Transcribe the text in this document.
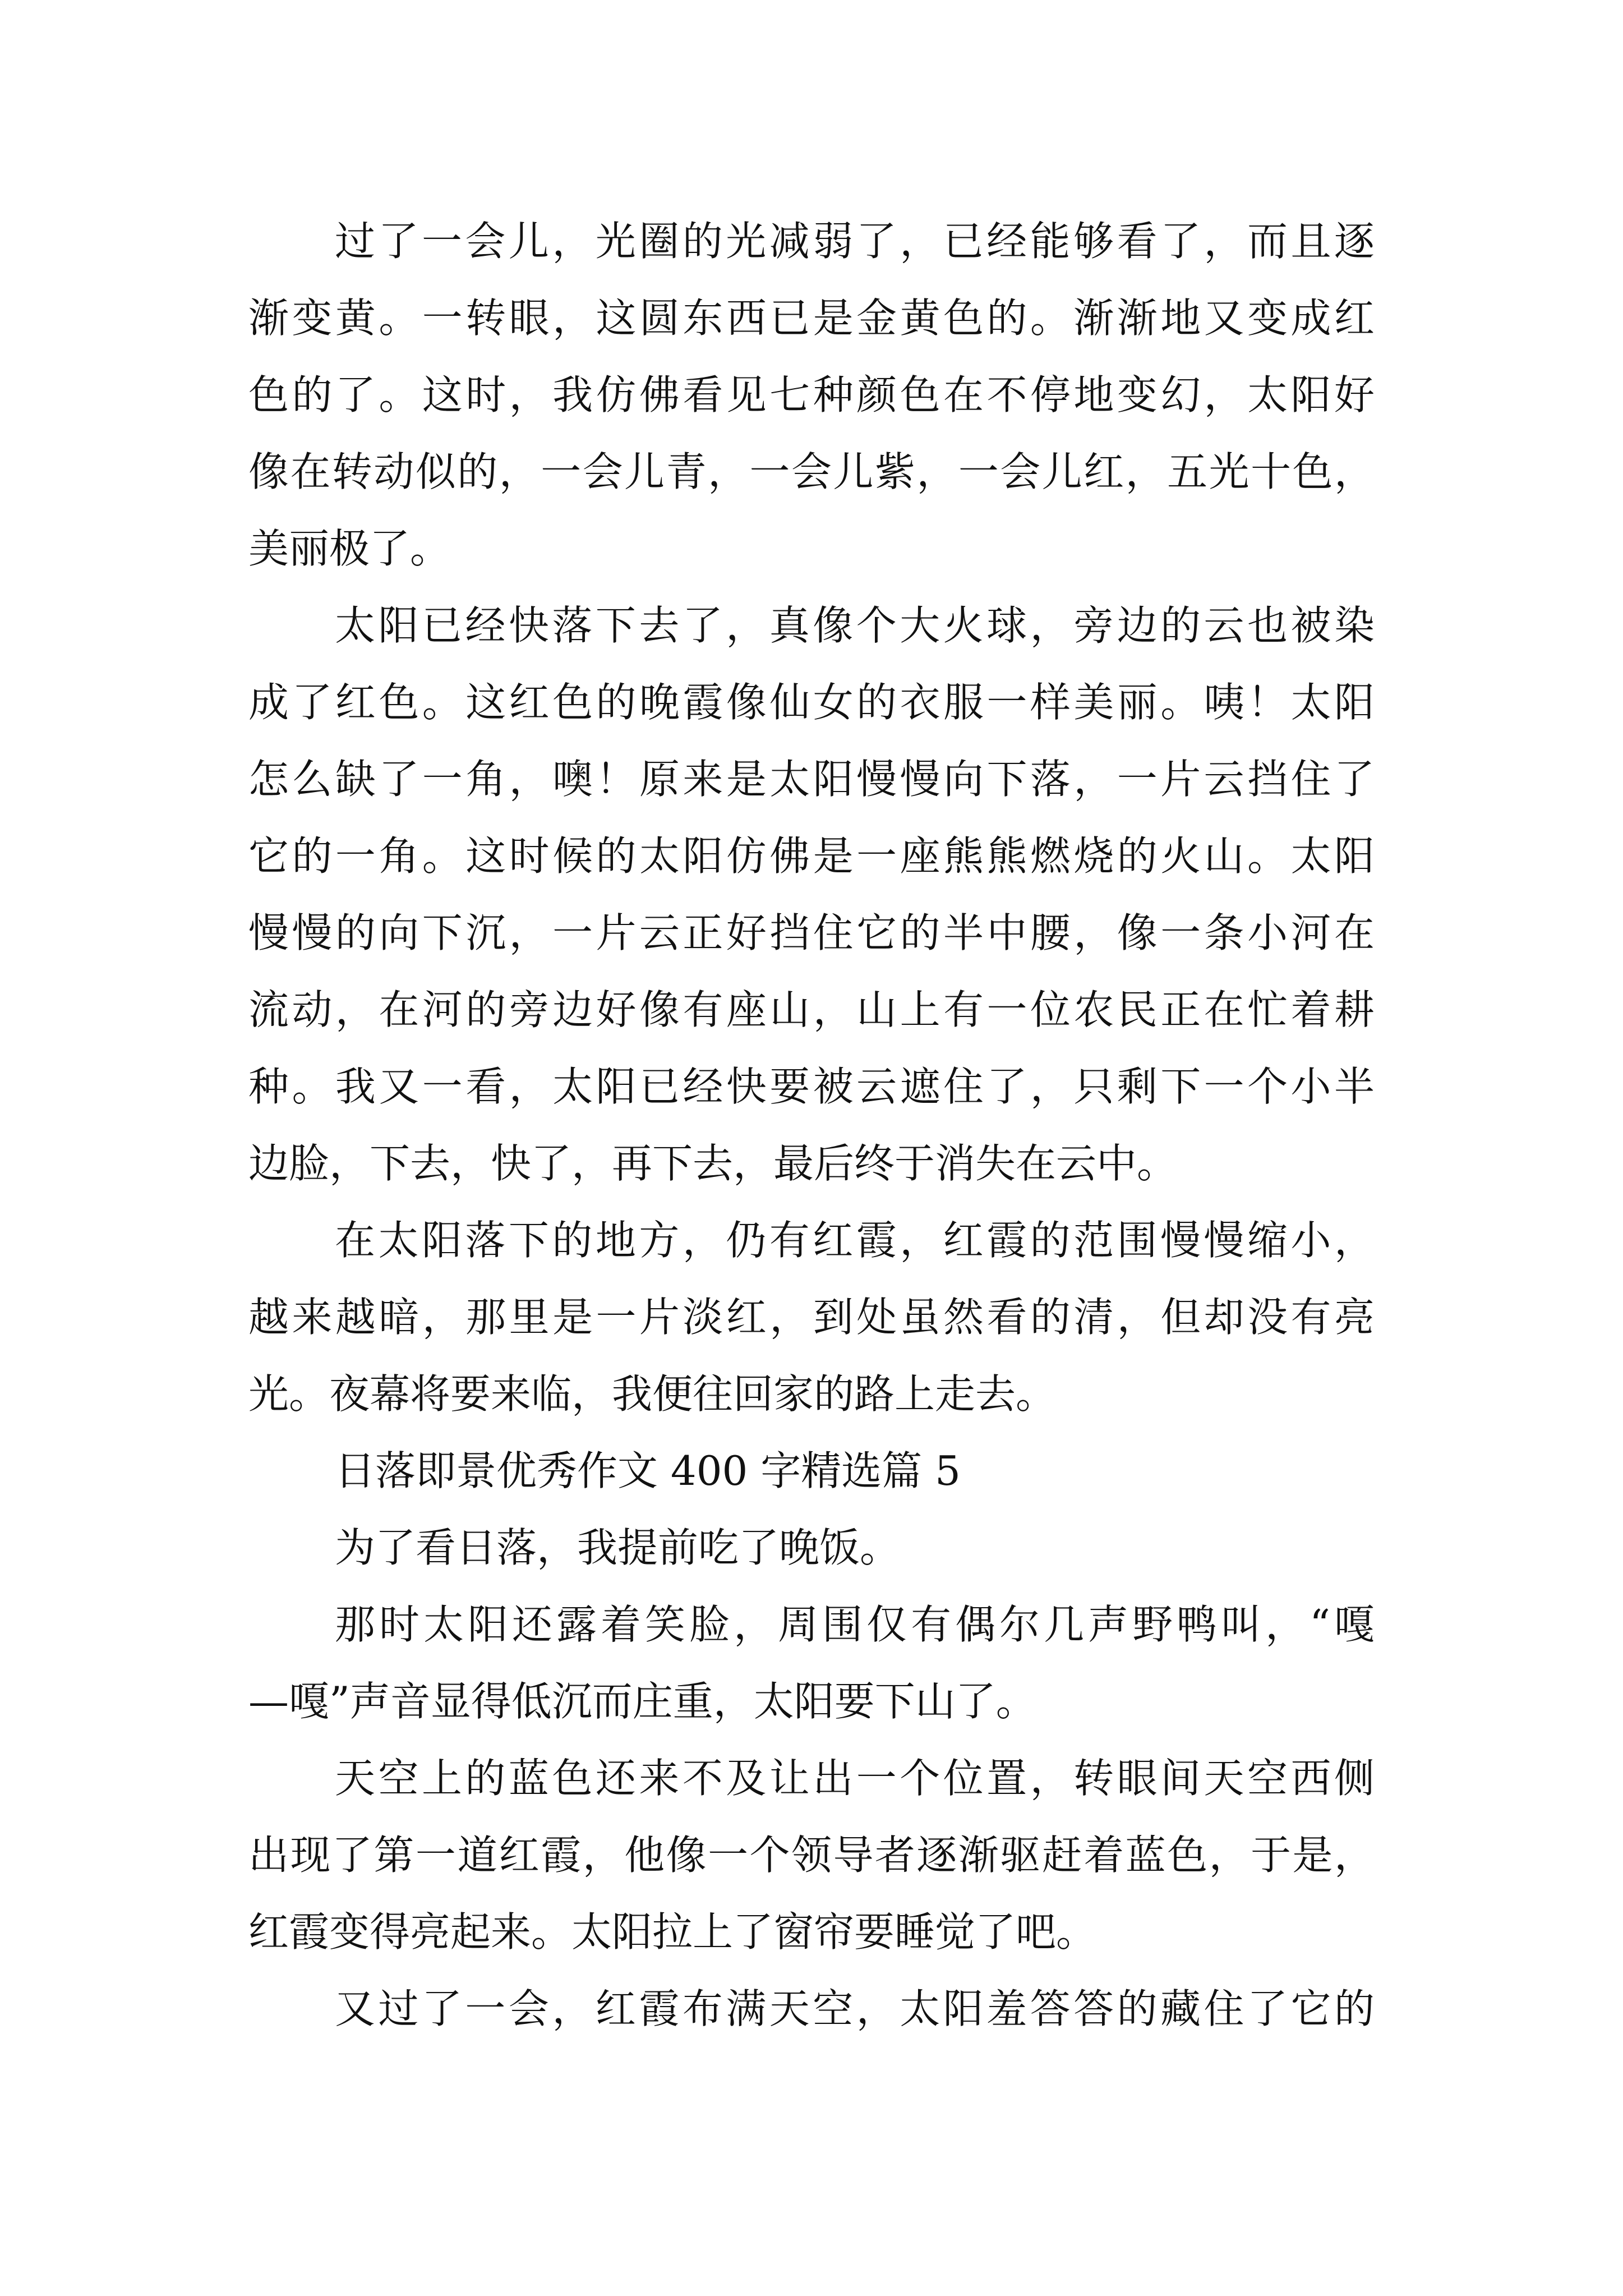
过了一会儿，光圈的光减弱了，已经能够看了，而且逐
渐变黄。一转眼，这圆东西已是金黄色的。渐渐地又变成红
色的了。这时，我仿佛看见七种颜色在不停地变幻，太阳好
像在转动似的，一会儿青，一会儿紫，一会儿红，五光十色，
美丽极了。
太阳已经快落下去了，真像个大火球，旁边的云也被染
成了红色。这红色的晚霞像仙女的衣服一样美丽。咦！太阳
怎么缺了一角，噢！原来是太阳慢慢向下落，一片云挡住了
它的一角。这时候的太阳仿佛是一座熊熊燃烧的火山。太阳
慢慢的向下沉，一片云正好挡住它的半中腰，像一条小河在
流动，在河的旁边好像有座山，山上有一位农民正在忙着耕
种。我又一看，太阳已经快要被云遮住了，只剩下一个小半
边脸，下去，快了，再下去，最后终于消失在云中。
在太阳落下的地方，仍有红霞，红霞的范围慢慢缩小，
越来越暗，那里是一片淡红，到处虽然看的清，但却没有亮
光。夜幕将要来临，我便往回家的路上走去。
日落即景优秀作文 400 字精选篇 5
为了看日落，我提前吃了晚饭。
那时太阳还露着笑脸，周围仅有偶尔几声野鸭叫，“嘎
—嘎”声音显得低沉而庄重，太阳要下山了。
天空上的蓝色还来不及让出一个位置，转眼间天空西侧
出现了第一道红霞，他像一个领导者逐渐驱赶着蓝色，于是，
红霞变得亮起来。太阳拉上了窗帘要睡觉了吧。
又过了一会，红霞布满天空，太阳羞答答的藏住了它的
